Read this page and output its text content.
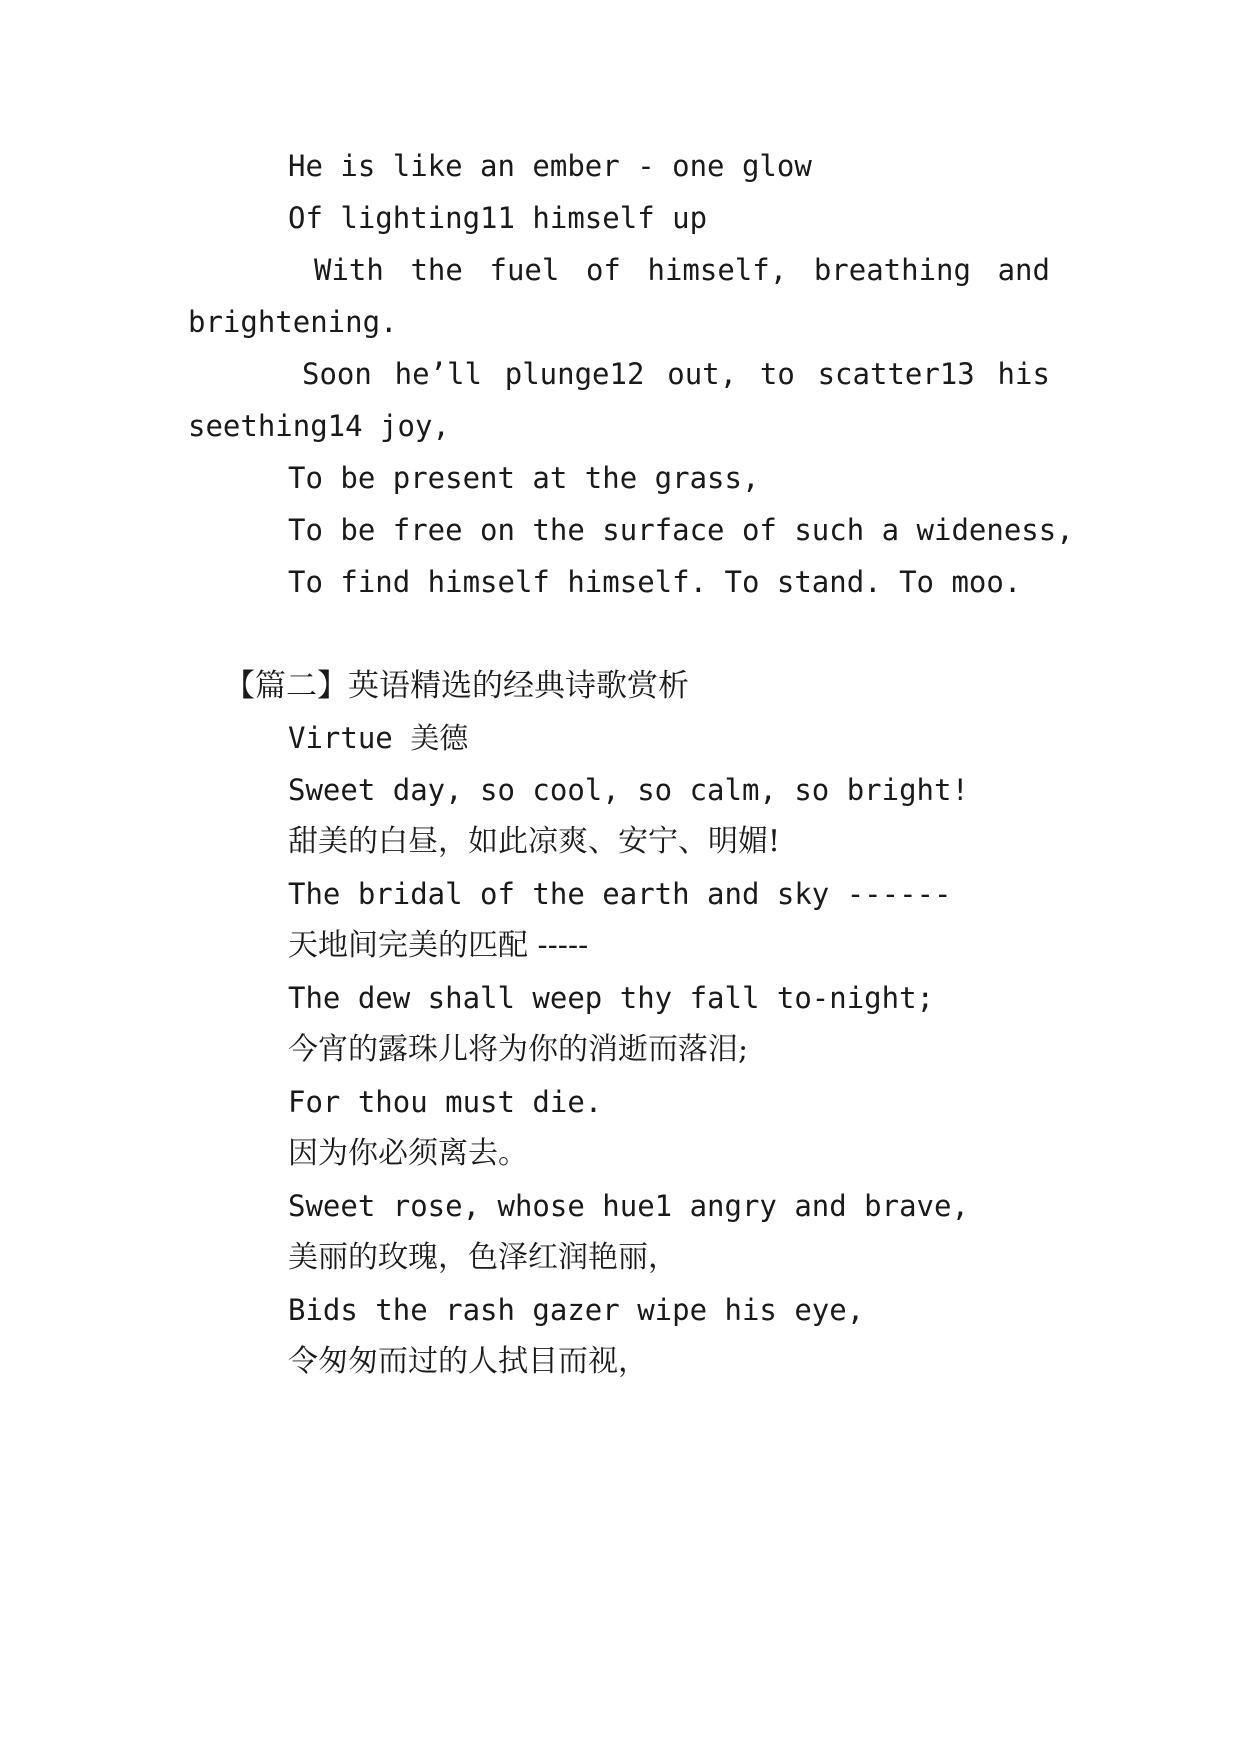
He is like an ember - one glow
Of lighting11 himself up
With the fuel of himself, breathing and
brightening.
Soon he’ll plunge12 out, to scatter13 his
seething14 joy,
To be present at the grass,
To be free on the surface of such a wideness,
To find himself himself. To stand. To moo.
【篇二】英语精选的经典诗歌赏析
Virtue 美德
Sweet day, so cool, so calm, so bright!
甜美的白昼，如此凉爽、安宁、明媚!
The bridal of the earth and sky ------
天地间完美的匹配 -----
The dew shall weep thy fall to-night;
今宵的露珠儿将为你的消逝而落泪;
For thou must die.
因为你必须离去。
Sweet rose, whose hue1 angry and brave,
美丽的玫瑰，色泽红润艳丽，
Bids the rash gazer wipe his eye,
令匆匆而过的人拭目而视，
